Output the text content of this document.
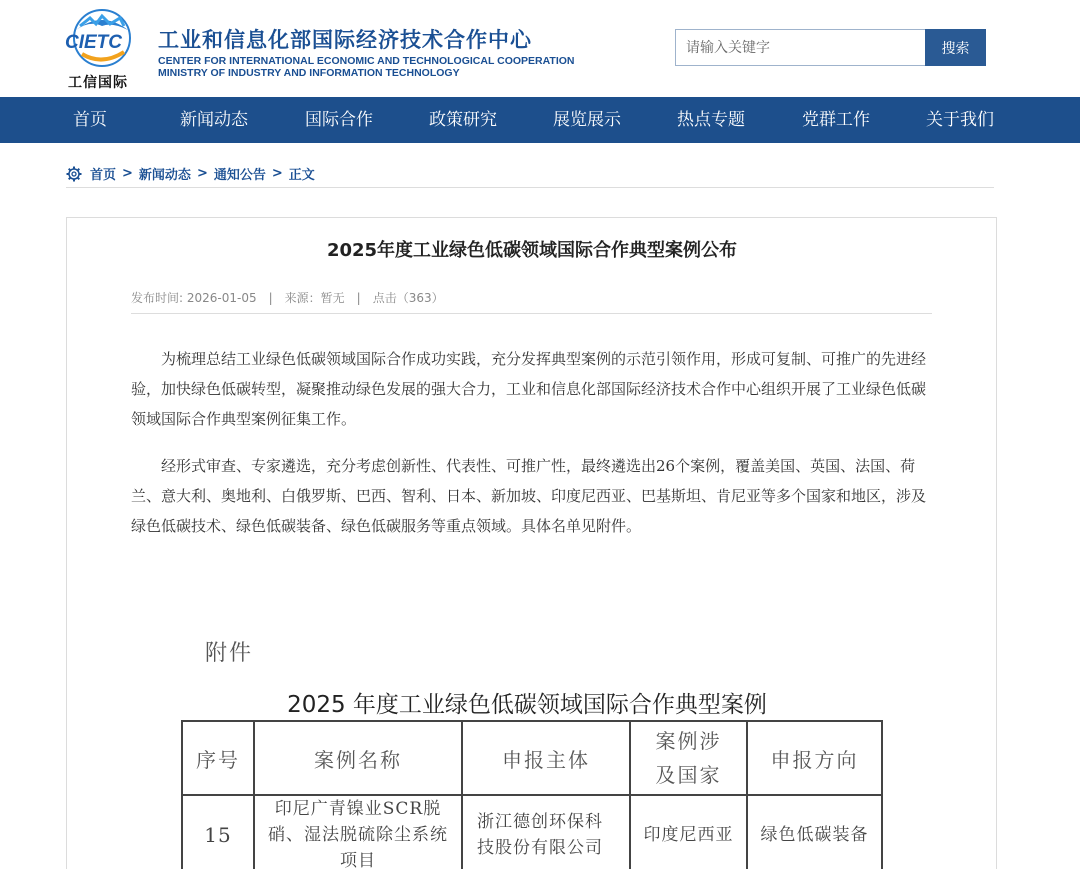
CIETC
工信国际
工业和信息化部国际经济技术合作中心
CENTER FOR INTERNATIONAL ECONOMIC AND TECHNOLOGICAL COOPERATION
MINISTRY OF INDUSTRY AND INFORMATION TECHNOLOGY
请输入关键字
搜索
首页	新闻动态	国际合作	政策研究	展览展示	热点专题	党群工作	关于我们
首页 > 新闻动态 > 通知公告 > 正文
2025年度工业绿色低碳领域国际合作典型案例公布
发布时间: 2026-01-05 | 来源：暂无 | 点击（363）

为梳理总结工业绿色低碳领域国际合作成功实践，充分发挥典型案例的示范引领作用，形成可复制、可推广的先进经验，加快绿色低碳转型，凝聚推动绿色发展的强大合力，工业和信息化部国际经济技术合作中心组织开展了工业绿色低碳领域国际合作典型案例征集工作。

经形式审查、专家遴选，充分考虑创新性、代表性、可推广性，最终遴选出26个案例，覆盖美国、英国、法国、荷兰、意大利、奥地利、白俄罗斯、巴西、智利、日本、新加坡、印度尼西亚、巴基斯坦、肯尼亚等多个国家和地区，涉及绿色低碳技术、绿色低碳装备、绿色低碳服务等重点领域。具体名单见附件。

附件
2025 年度工业绿色低碳领域国际合作典型案例
序号	案例名称	申报主体	案例涉及国家	申报方向
15	印尼广青镍业SCR脱硝、湿法脱硫除尘系统项目	浙江德创环保科技股份有限公司	印度尼西亚	绿色低碳装备
